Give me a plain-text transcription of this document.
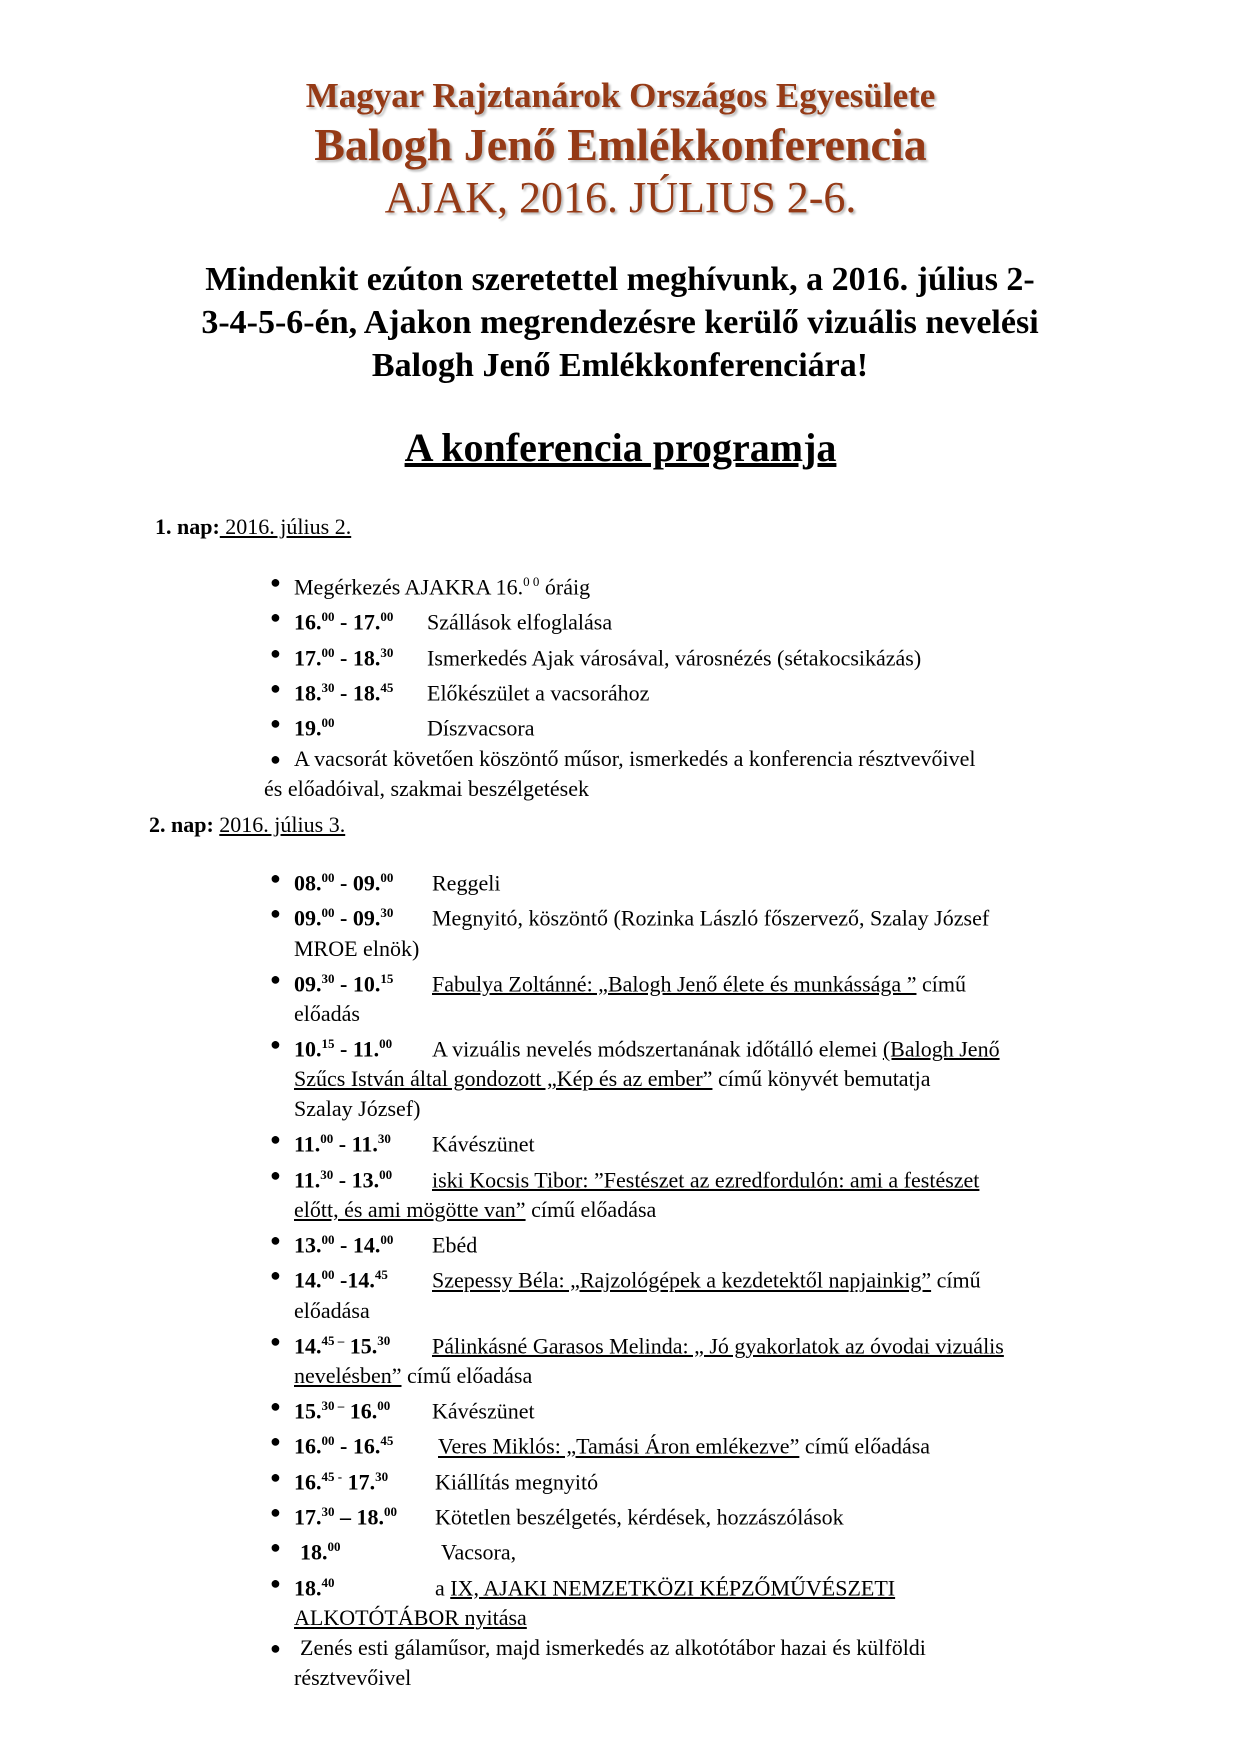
Magyar Rajztanárok Országos Egyesülete
Balogh Jenő Emlékkonferencia
AJAK, 2016. JÚLIUS 2-6.
Mindenkit ezúton szeretettel meghívunk, a 2016. július 2-
3-4-5-6-én, Ajakon megrendezésre kerülő vizuális nevelési
Balogh Jenő Emlékkonferenciára!
A konferencia programja
1. nap: 2016. július 2.
● Megérkezés AJAKRA 16.$^{0 0}$ óráig
● 16.00 - 17.00 Szállások elfoglalása
● 17.00 - 18.30 Ismerkedés Ajak városával, városnézés (sétakocsikázás)
● 18.30 - 18.45 Előkészület a vacsorához
● 19.00	Díszvacsora
● A vacsorát követően köszöntő műsor, ismerkedés a konferencia résztvevőivel
és előadóival, szakmai beszélgetések
2. nap: 2016. július 3.
● 08.00 - 09.00 Reggeli
● 09.00 - 09.30 Megnyitó, köszöntő (Rozinka László főszervező, Szalay József
MROE elnök)
● 09.30 - 10.15 Fabulya Zoltánné: „Balogh Jenő élete és munkássága ” című
előadás
● 10.15 - 11.00 A vizuális nevelés módszertanának időtálló elemei (Balogh Jenő
Szűcs István által gondozott „Kép és az ember” című könyvét bemutatja
Szalay József)
● 11.00 - 11.30 Kávészünet
● 11.30 - 13.00 iski Kocsis Tibor: ”Festészet az ezredfordulón: ami a festészet
előtt, és ami mögötte van” című előadása
● 13.00 - 14.00 Ebéd
● 14.00 -14.45 Szepessy Béla: „Rajzológépek a kezdetektől napjainkig” című
előadása
● 14.$^{45 -}$ 15.30 Pálinkásné Garasos Melinda: „ Jó gyakorlatok az óvodai vizuális
nevelésben” című előadása
● 15.$^{30 -}$ 16.00 Kávészünet
● 16.00 - 16.45 Veres Miklós: „Tamási Áron emlékezve” című előadása
● 16.$^{45 -}$ 17.30 Kiállítás megnyitó
● 17.30 – 18.00 Kötetlen beszélgetés, kérdések, hozzászólások
● 18.00	Vacsora,
● 18.40	a IX, AJAKI NEMZETKÖZI KÉPZŐMŰVÉSZETI
ALKOTÓTÁBOR nyitása
● Zenés esti gálaműsor, majd ismerkedés az alkotótábor hazai és külföldi
résztvevőivel
